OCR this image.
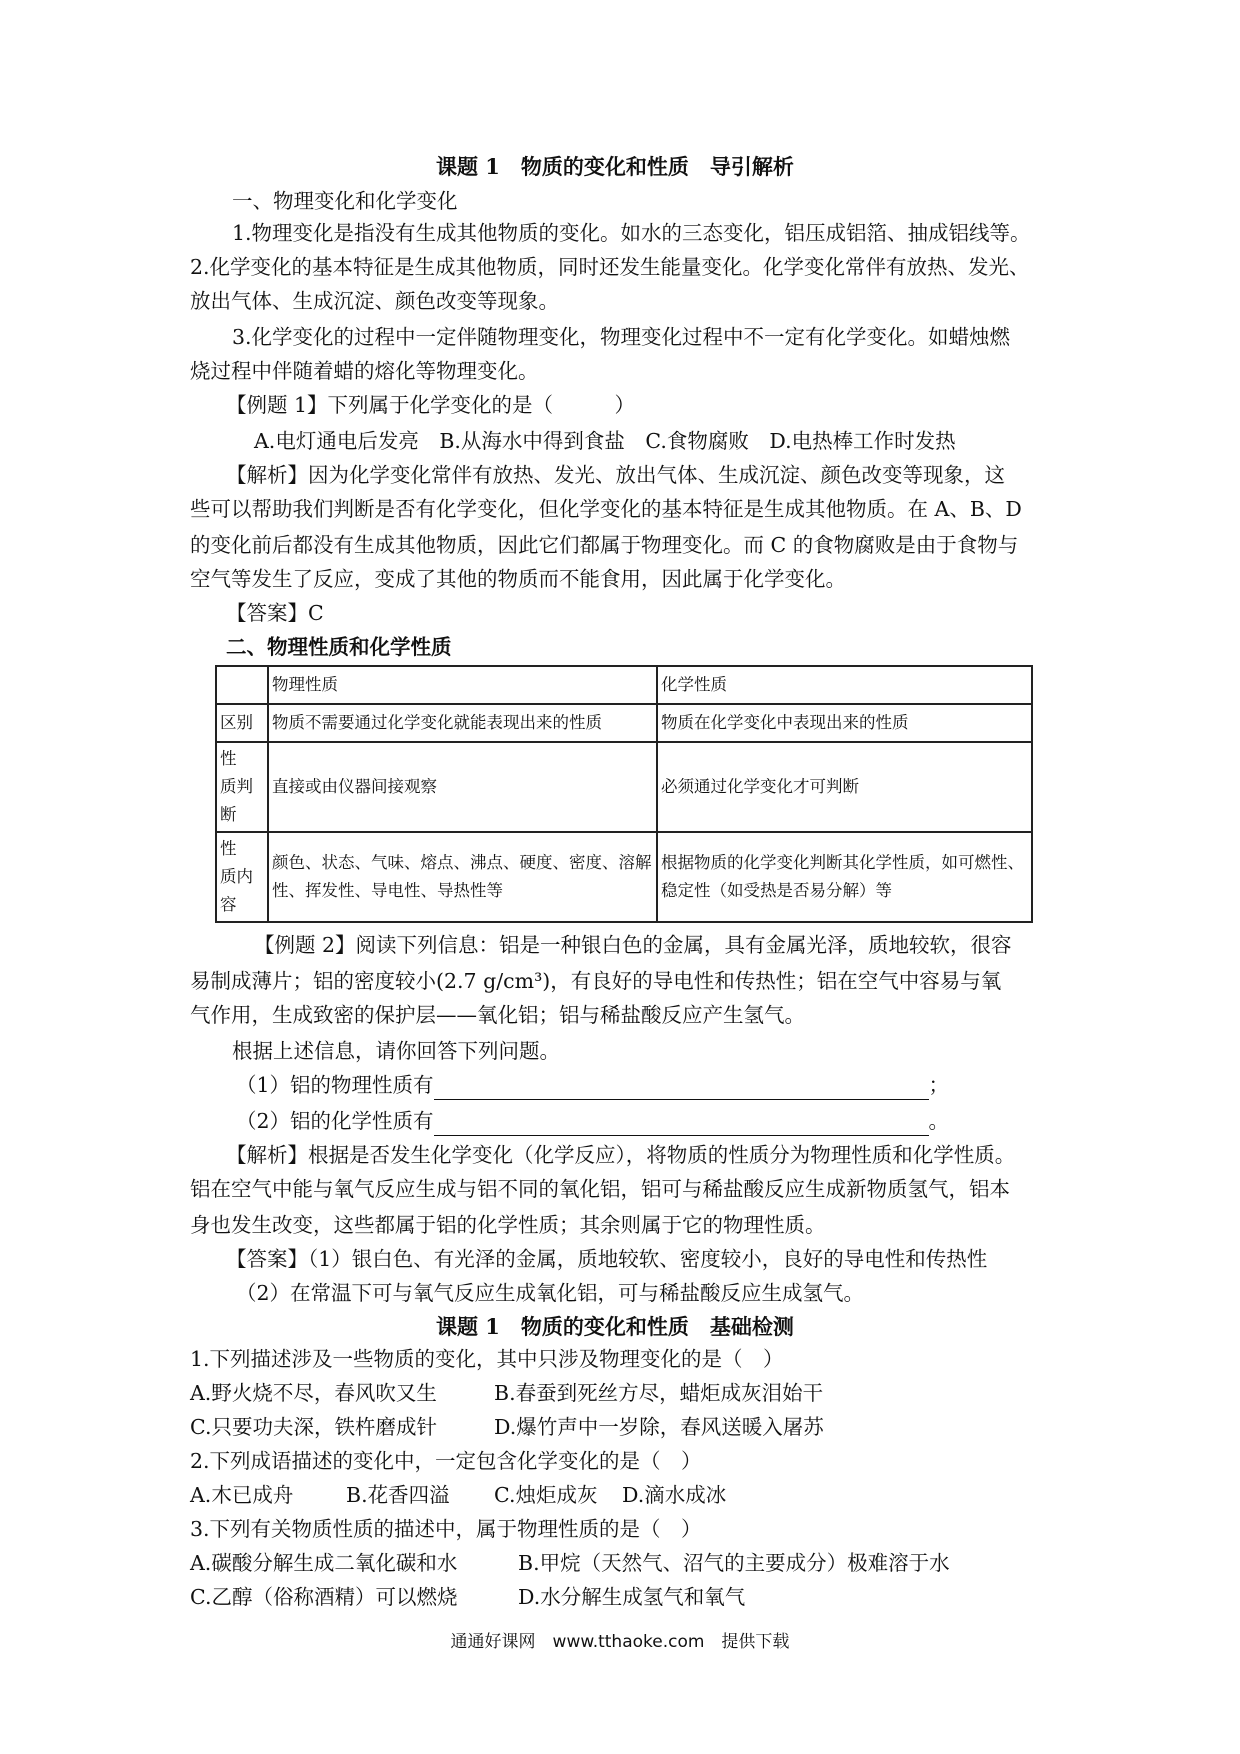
课题 1　物质的变化和性质　导引解析
一、物理变化和化学变化
1.物理变化是指没有生成其他物质的变化。如水的三态变化，铝压成铝箔、抽成铝线等。
2.化学变化的基本特征是生成其他物质，同时还发生能量变化。化学变化常伴有放热、发光、
放出气体、生成沉淀、颜色改变等现象。
3.化学变化的过程中一定伴随物理变化，物理变化过程中不一定有化学变化。如蜡烛燃
烧过程中伴随着蜡的熔化等物理变化。
【例题 1】下列属于化学变化的是（　　　）
A.电灯通电后发亮　B.从海水中得到食盐　C.食物腐败　D.电热棒工作时发热
【解析】因为化学变化常伴有放热、发光、放出气体、生成沉淀、颜色改变等现象，这
些可以帮助我们判断是否有化学变化，但化学变化的基本特征是生成其他物质。在 A、B、D
的变化前后都没有生成其他物质，因此它们都属于物理变化。而 C 的食物腐败是由于食物与
空气等发生了反应，变成了其他的物质而不能食用，因此属于化学变化。
【答案】C
二、物理性质和化学性质
	物理性质	化学性质
区别	物质不需要通过化学变化就能表现出来的性质	物质在化学变化中表现出来的性质
性　质判断	直接或由仪器间接观察	必须通过化学变化才可判断
性　质内容	颜色、状态、气味、熔点、沸点、硬度、密度、溶解性、挥发性、导电性、导热性等	根据物质的化学变化判断其化学性质，如可燃性、稳定性（如受热是否易分解）等
【例题 2】阅读下列信息：铝是一种银白色的金属，具有金属光泽，质地较软，很容
易制成薄片；铝的密度较小(2.7 g/cm³)，有良好的导电性和传热性；铝在空气中容易与氧
气作用，生成致密的保护层——氧化铝；铝与稀盐酸反应产生氢气。
根据上述信息，请你回答下列问题。
（1）铝的物理性质有	；
（2）铝的化学性质有	。
【解析】根据是否发生化学变化（化学反应），将物质的性质分为物理性质和化学性质。
铝在空气中能与氧气反应生成与铝不同的氧化铝，铝可与稀盐酸反应生成新物质氢气，铝本
身也发生改变，这些都属于铝的化学性质；其余则属于它的物理性质。
【答案】（1）银白色、有光泽的金属，质地较软、密度较小，良好的导电性和传热性
（2）在常温下可与氧气反应生成氧化铝，可与稀盐酸反应生成氢气。
课题 1　物质的变化和性质　基础检测
1.下列描述涉及一些物质的变化，其中只涉及物理变化的是（　）
A.野火烧不尽，春风吹又生	B.春蚕到死丝方尽，蜡炬成灰泪始干
C.只要功夫深，铁杵磨成针	D.爆竹声中一岁除，春风送暖入屠苏
2.下列成语描述的变化中，一定包含化学变化的是（　）
A.木已成舟	B.花香四溢 C.烛炬成灰 D.滴水成冰
3.下列有关物质性质的描述中，属于物理性质的是（　）
A.碳酸分解生成二氧化碳和水	B.甲烷（天然气、沼气的主要成分）极难溶于水
C.乙醇（俗称酒精）可以燃烧	D.水分解生成氢气和氧气
通通好课网　www.tthaoke.com　提供下载
